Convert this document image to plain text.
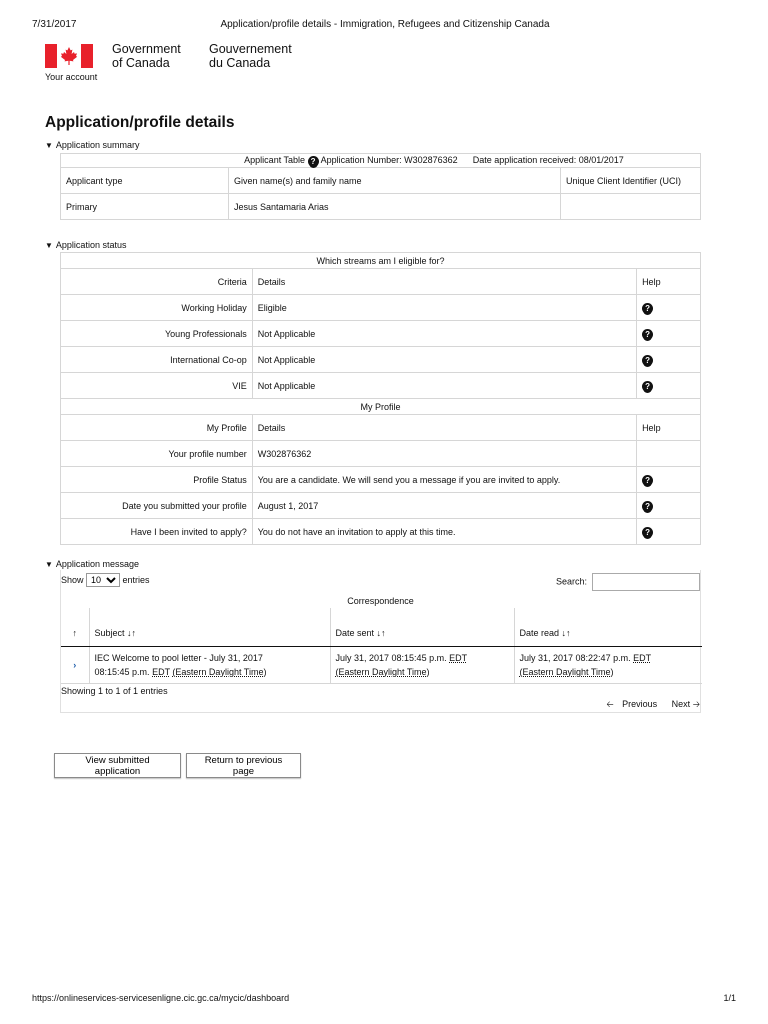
7/31/2017	Application/profile details - Immigration, Refugees and Citizenship Canada
Government
of Canada
Gouvernement
du Canada
Your account
Application/profile details
▼ Application summary
Applicant Table ? Application Number: W302876362 Date application received: 08/01/2017		
Applicant type	Given name(s) and family name	Unique Client Identifier (UCI)
Primary	Jesus Santamaria Arias	
▼ Application status
Which streams am I eligible for?		
Criteria	Details	Help
Working Holiday	Eligible	?
Young Professionals	Not Applicable	?
International Co-op	Not Applicable	?
VIE	Not Applicable	?
My Profile		
My Profile	Details	Help
Your profile number	W302876362	
Profile Status	You are a candidate. We will send you a message if you are invited to apply.	?
Date you submitted your profile	August 1, 2017	?
Have I been invited to apply?	You do not have an invitation to apply at this time.	?
▼ Application message
Show
10	entries	Search:
Correspondence
↑	Subject ↓↑	Date sent ↓↑	Date read ↓↑
›	IEC Welcome to pool letter - July 31, 2017
08:15:45 p.m. EDT (Eastern Daylight Time)	July 31, 2017 08:15:45 p.m. EDT
(Eastern Daylight Time)	July 31, 2017 08:22:47 p.m. EDT
(Eastern Daylight Time)
Showing 1 to 1 of 1 entries
🡠 Previous Next 🡢
View submitted application
Return to previous page
https://onlineservices-servicesenligne.cic.gc.ca/mycic/dashboard	1/1
